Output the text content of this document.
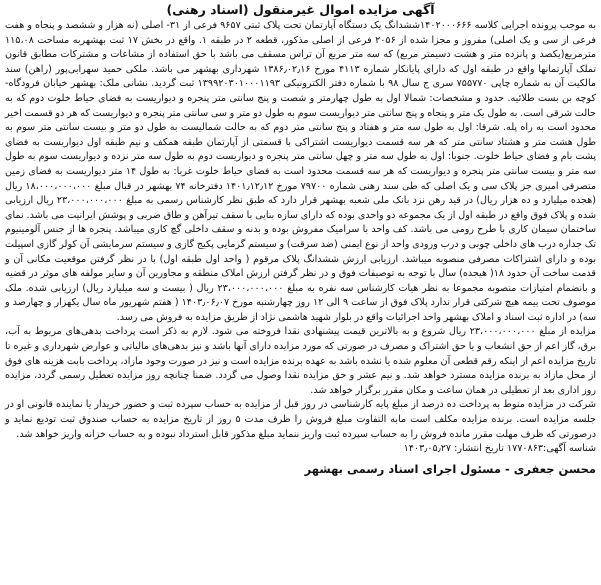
آگهی مزایده اموال غیرمنقول (اسناد رهنی)

به موجب پرونده اجرایی کلاسه ۱۴۰۲۰۰۰۶۶۶ششدانگ یک دستگاه آپارتمان تحت پلاک ثبتی ۹۶۵۷ فرعی از ۳۱- اصلی (نه هزار و ششصد و پنجاه و هفت فرعی از سی و یک اصلی) مفروز و مجزا شده از ۲۰۵۶ فرعی از اصلی مذکور، قطعه ۲ در طبقه ۱. واقع در بخش ۱۷ ثبت بهشهربه مساحت ۱۱۵،۰۸ مترمربع(یکصد و پانزده متر و هشت دسیمتر مربع) که سه متر مربع آن تراس مسقف می باشد با حق استفاده از مشاعات و مشترکات مطابق قانون تملک آپارتمانها واقع در طبقه اول که دارای پایانکار شماره ۴۱۱۳ مورخ ۱۳۸۶٫۰۲٫۱۶ شهرداری بهشهر می باشد. ملکی حمید سهرابی‌پور (راهن) سند مالکیت آن به شماره چاپی ۷۵۵۷۷۰ سری ج سال ۹۸ با شماره دفتر الکترونیکی ۱۳۹۹۲۰۳۰۱۰۰۰۱۱۹۳ ثبت گردید. نشانی ملک: بهشهر خیابان فرودگاه- کوچه بن بست طلائیه. حدود و مشخصات: شمالا اول به طول چهارمتر و شصت و پنج سانتی متر پنجره و دیواریست به فضای حیاط خلوت دوم که به حالت شرقی است. به طول یک متر و پنجاه و پنج سانتی متر دیواریست سوم به طول دو متر و سی سانتی متر پنجره و دیواریست که هر دو قسمت اخیر محدود است به راه پله. شرقا: اول به طول سه متر و هفتاد و پنج سانتی متر دوم که به حالت شمالیست به طول دو متر و بیست سانتی متر سوم به طول هشت متر و هشتاد سانتی متر که هر سه قسمت دیواریست اشتراکی با قسمتی از آپارتمان طبقه همکف و نیم طبقه اول دیواریست به فضای پشت بام و فضای حیاط خلوت. جنوبا: اول به طول سه متر و چهل سانتی متر پنجره و دیواریست دوم به طول سه متر نزده و دیواریست سوم به طول سه متر و بیست سانتی متر پنجره و دیواریست که هر سه قسمت محدود است به فضای حیاط خلوت غربا: به طول ۱۴ متر دیواریست به فضای زمین متصرفی امیری جز پلاک سی و یک اصلی که طی سند رهنی شماره ۷۹۷۰۰ مورخ ۱۴۰۱٫۱۲٫۱۲ دفترخانه ۷۴ بهشهر در قبال مبلغ ۱۸،۰۰۰،۰۰۰،۰۰۰ ریال (هجده میلیارد و ده هزار ریال) در قید رهن نزد بانک ملی شعبه بهشهر قرار دارد که طبق نظر کارشناس رسمی به مبلغ ۲۳،۰۰۰،۰۰۰،۰۰۰ ریال ارزیابی شده و پلاک فوق واقع در طبقه اول از یک مجموعه دو واحدی بوده که دارای سازه بنایی با سقف تیرآهن و طاق ضربی و پوشش ایرانیت می باشد. نمای ساختمان سیمان کاری با طرح رومی می باشد. کف واحد با سرامیک مفروش بوده و بدنه و سقف داخلی گچ کاری میباشد. پنجره ها از جنس آلومینیوم تک جداره درب های داخلی چوبی و درب ورودی واحد از نوع ایمنی (ضد سرقت) و سیستم گرمایی پکیج گازی و سیستم سرمایشی آن کولر گازی اسپیلت بوده و دارای اشتراکات مصرفی منصوبه میباشد. ارزیابی ارزش ششدانگ پلاک مرقوم ( واحد اول طبقه اول) با در نظر گرفتن موقعیت مکانی آن و قدمت ساخت آن حدود ۱۸( هیجده) سال با توجه به توصیفات فوق و در نظر گرفتن ارزش املاک منطقه و مجاورین آن و سایر مولفه های موثر در قضیه و بانضمام امتیازات منصوبه مجموعا به نظر هیات کارشناس سه نفره به مبلغ ۲۳،۰۰۰،۰۰۰،۰۰۰ ریال ( بیست و سه میلیارد ریال) ارزیابی شده. ملک موصوف تحت بیمه هیچ شرکتی قرار ندارد پلاک فوق از ساعت ۹ الی ۱۲ روز چهارشنبه مورخ ۱۴۰۳٫۰۶٫۰۷ ( هفتم شهریور ماه سال یکهزار و چهارصد و سه) در اداره ثبت اسناد و املاک بهشهر واحد اجرائیات واقع در بلوار شهید هاشمی نژاد از طریق مزایده به فروش می رسد.

مزایده از مبلغ ۲۳،۰۰۰،۰۰۰،۰۰۰ ریال شروع و به بالاترین قیمت پیشنهادی نقدا فروخته می شود. لازم به ذکر است پرداخت بدهی‌های مربوط به آب، برق، گاز اعم از حق انشعاب و یا حق اشتراک و مصرف در صورتی که مورد مزایده دارای آنها باشد و نیز بدهی‌های مالیاتی و عوارض شهرداری و غیره تا تاریخ مزایده اعم از اینکه رقم قطعی آن معلوم شده یا نشده باشد به عهده برنده مزایده است و نیز در صورت وجود مازاد، پرداخت بابت هزینه های فوق از محل مازاد به برنده مزایده مسترد خواهد شد. و نیم عشر و حق مزایده نقدا وصول می گردد. ضمنا چنانچه روز مزایده تعطیل رسمی گردد، مزایده روز اداری بعد از تعطیلی در همان ساعت و مکان مقرر برگزار خواهد شد.

شرکت در مزایده منوط به پرداخت ده درصد از مبلغ پایه کارشناسی در روز قبل از مزایده به حساب سپرده ثبت و حضور خریدار یا نماینده قانونی او در جلسه مزایده است. برنده مزایده مکلف است مابه التفاوت مبلغ فروش را ظرف مدت ۵ روز از تاریخ مزایده به حساب صندوق ثبت تودیع نماید و درصورتی که ظرف مهلت مقرر مانده فروش را به حساب سپرده ثبت واریز ننماید مبلغ مذکور قابل استرداد نبوده و به حساب خزانه واریز خواهد شد.

شناسه آگهی:۱۷۷۰۸۶۳ تاریخ انتشار: ۱۴۰۳٫۰۵٫۲۷
محسن جعفری - مسئول اجرای اسناد رسمی بهشهر
